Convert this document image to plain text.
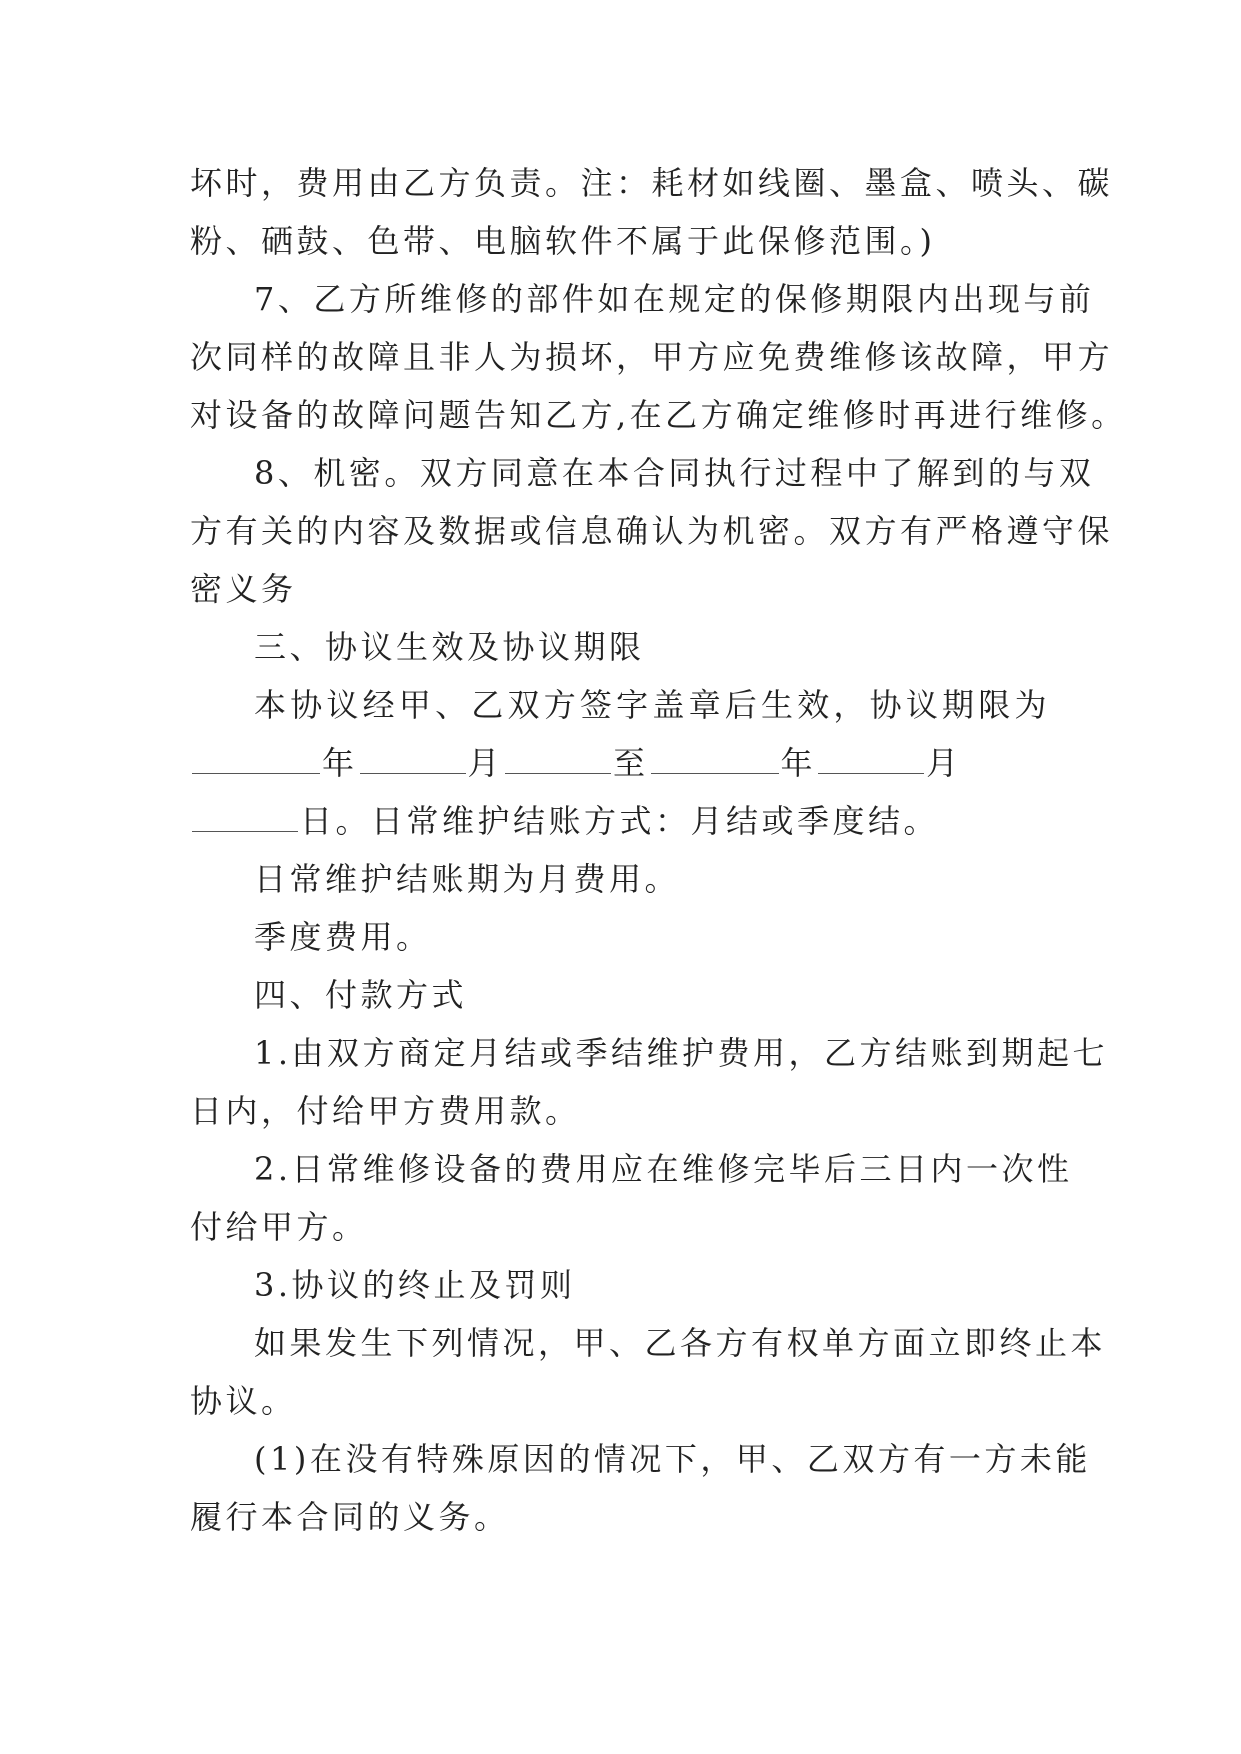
坏时，费用由乙方负责。注：耗材如线圈、墨盒、喷头、碳
粉、硒鼓、色带、电脑软件不属于此保修范围。)
7、乙方所维修的部件如在规定的保修期限内出现与前
次同样的故障且非人为损坏，甲方应免费维修该故障，甲方
对设备的故障问题告知乙方,在乙方确定维修时再进行维修。
8、机密。双方同意在本合同执行过程中了解到的与双
方有关的内容及数据或信息确认为机密。双方有严格遵守保
密义务
三、协议生效及协议期限
本协议经甲、乙双方签字盖章后生效，协议期限为
年	月	至	年	月
日。日常维护结账方式：月结或季度结。
日常维护结账期为月费用。
季度费用。
四、付款方式
1.由双方商定月结或季结维护费用，乙方结账到期起七
日内，付给甲方费用款。
2.日常维修设备的费用应在维修完毕后三日内一次性
付给甲方。
3.协议的终止及罚则
如果发生下列情况，甲、乙各方有权单方面立即终止本
协议。
(1)在没有特殊原因的情况下，甲、乙双方有一方未能
履行本合同的义务。
